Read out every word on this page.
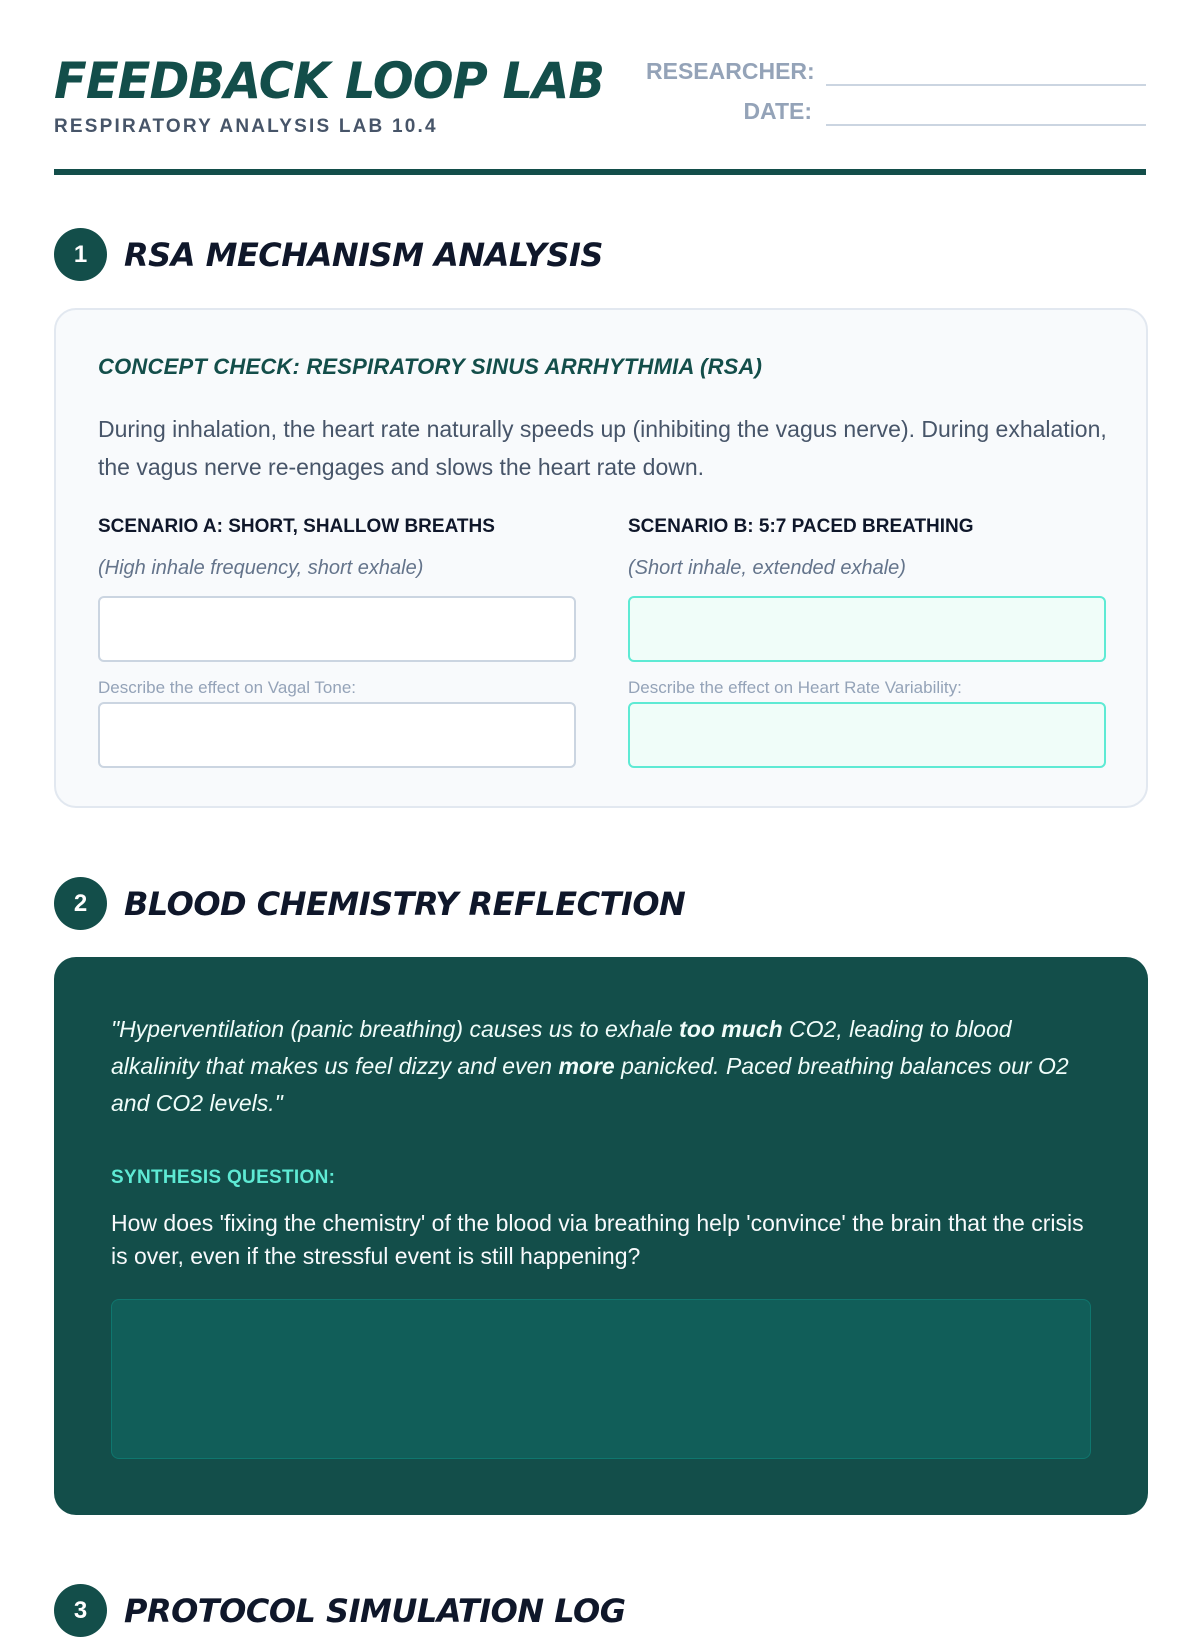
FEEDBACK LOOP LAB
RESPIRATORY ANALYSIS LAB 10.4
RESEARCHER:
DATE:
1	RSA MECHANISM ANALYSIS
CONCEPT CHECK: RESPIRATORY SINUS ARRHYTHMIA (RSA)
During inhalation, the heart rate naturally speeds up (inhibiting the vagus nerve). During exhalation, the vagus nerve re-engages and slows the heart rate down.
SCENARIO A: SHORT, SHALLOW BREATHS
(High inhale frequency, short exhale)
Describe the effect on Vagal Tone:
SCENARIO B: 5:7 PACED BREATHING
(Short inhale, extended exhale)
Describe the effect on Heart Rate Variability:
2	BLOOD CHEMISTRY REFLECTION
"Hyperventilation (panic breathing) causes us to exhale too much CO2, leading to blood alkalinity that makes us feel dizzy and even more panicked. Paced breathing balances our O2 and CO2 levels."
SYNTHESIS QUESTION:
How does 'fixing the chemistry' of the blood via breathing help 'convince' the brain that the crisis is over, even if the stressful event is still happening?
3	PROTOCOL SIMULATION LOG
